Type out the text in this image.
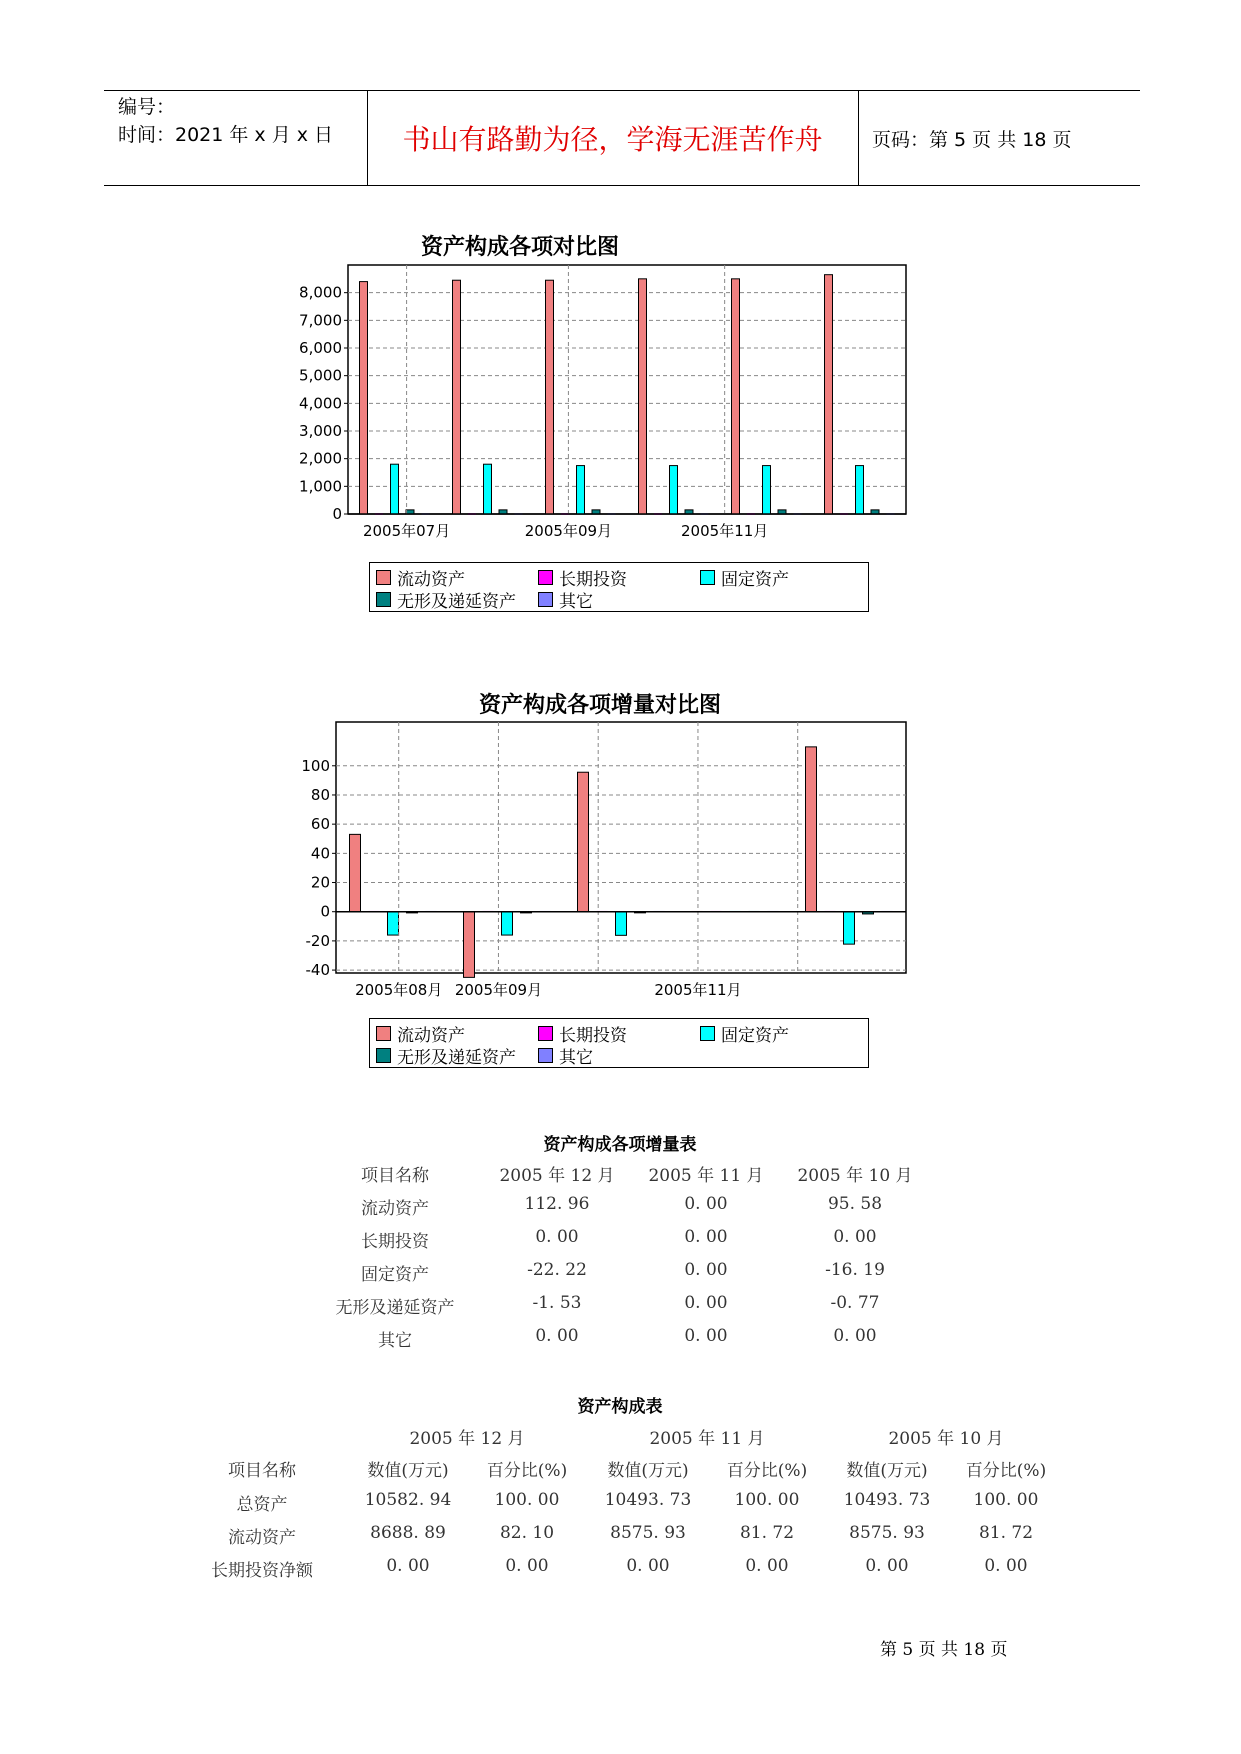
编号：
时间：2021 年 x 月 x 日	书山有路勤为径，学海无涯苦作舟	页码：第 5 页 共 18 页
资产构成各项对比图
8,000
7,000
6,000
5,000
4,000
3,000
2,000
1,000
0
2005年07月	2005年09月	2005年11月
流动资产	长期投资	固定资产
无形及递延资产	其它
资产构成各项增量对比图
100
80
60
40
20
0
-20
-40
2005年08月 2005年09月	2005年11月
流动资产	长期投资	固定资产
无形及递延资产	其它
资产构成各项增量表
项目名称	2005 年 12 月	2005 年 11 月	2005 年 10 月
流动资产	112. 96	0. 00	95. 58
长期投资	0. 00	0. 00	0. 00
固定资产	-22. 22	0. 00	-16. 19
无形及递延资产	-1. 53	0. 00	-0. 77
其它	0. 00	0. 00	0. 00
资产构成表
2005 年 12 月	2005 年 11 月	2005 年 10 月
项目名称	数值(万元)	百分比(%)	数值(万元)	百分比(%)	数值(万元)	百分比(%)
总资产	10582. 94	100. 00	10493. 73	100. 00	10493. 73	100. 00
流动资产	8688. 89	82. 10	8575. 93	81. 72	8575. 93	81. 72
长期投资净额	0. 00	0. 00	0. 00	0. 00	0. 00	0. 00
第 5 页 共 18 页
